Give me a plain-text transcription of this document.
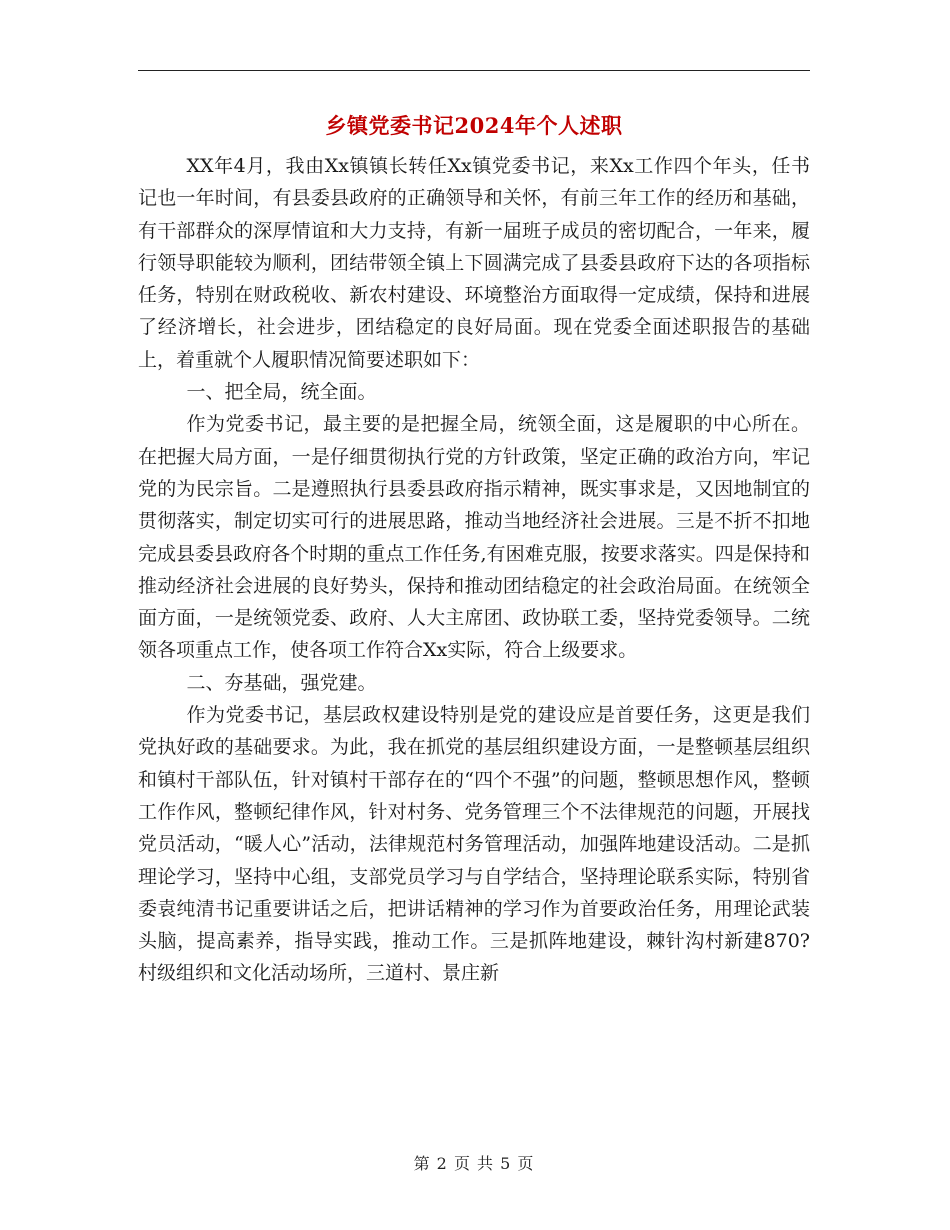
乡镇党委书记2024年个人述职

XX年4月，我由Xx镇镇长转任Xx镇党委书记，来Xx工作四个年头，任书记也一年时间，有县委县政府的正确领导和关怀，有前三年工作的经历和基础，有干部群众的深厚情谊和大力支持，有新一届班子成员的密切配合，一年来，履行领导职能较为顺利，团结带领全镇上下圆满完成了县委县政府下达的各项指标任务，特别在财政税收、新农村建设、环境整治方面取得一定成绩，保持和进展了经济增长，社会进步，团结稳定的良好局面。现在党委全面述职报告的基础上，着重就个人履职情况简要述职如下：

一、把全局，统全面。

作为党委书记，最主要的是把握全局，统领全面，这是履职的中心所在。在把握大局方面，一是仔细贯彻执行党的方针政策，坚定正确的政治方向，牢记党的为民宗旨。二是遵照执行县委县政府指示精神，既实事求是，又因地制宜的贯彻落实，制定切实可行的进展思路，推动当地经济社会进展。三是不折不扣地完成县委县政府各个时期的重点工作任务,有困难克服，按要求落实。四是保持和推动经济社会进展的良好势头，保持和推动团结稳定的社会政治局面。在统领全面方面，一是统领党委、政府、人大主席团、政协联工委，坚持党委领导。二统领各项重点工作，使各项工作符合Xx实际，符合上级要求。

二、夯基础，强党建。

作为党委书记，基层政权建设特别是党的建设应是首要任务，这更是我们党执好政的基础要求。为此，我在抓党的基层组织建设方面，一是整顿基层组织和镇村干部队伍，针对镇村干部存在的“四个不强”的问题，整顿思想作风，整顿工作作风，整顿纪律作风，针对村务、党务管理三个不法律规范的问题，开展找党员活动，“暖人心”活动，法律规范村务管理活动，加强阵地建设活动。二是抓理论学习，坚持中心组，支部党员学习与自学结合，坚持理论联系实际，特别省委袁纯清书记重要讲话之后，把讲话精神的学习作为首要政治任务，用理论武装头脑，提高素养，指导实践，推动工作。三是抓阵地建设，棘针沟村新建870?村级组织和文化活动场所，三道村、景庄新

第 2 页 共 5 页
